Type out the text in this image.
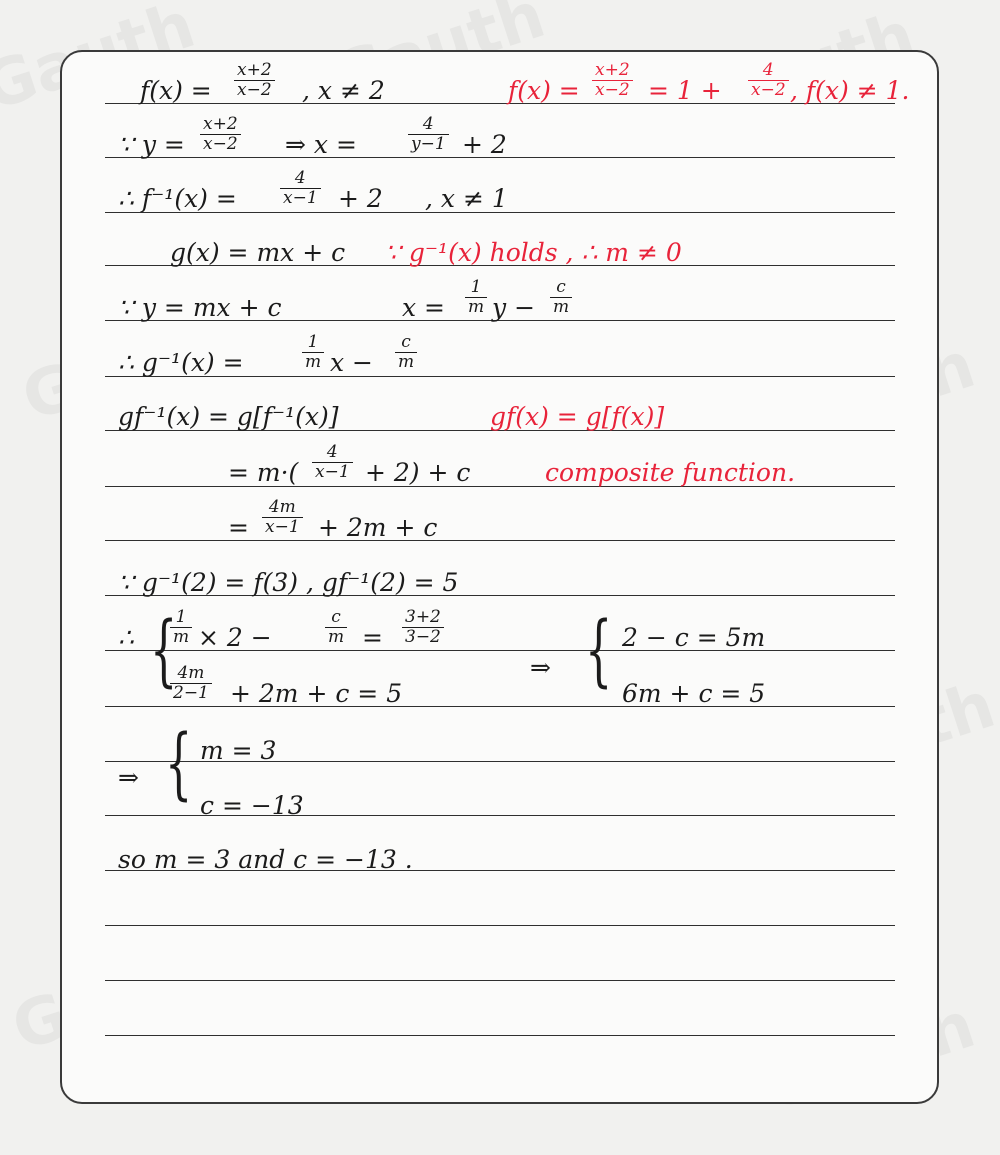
$f(x) = \frac{x+2}{x-2}$ , x ≠ 2	$f(x) = \frac{x+2}{x-2} = 1 + \frac{4}{x-2}$ , f(x) ≠ 1.
∵ $y = \frac{x+2}{x-2}$ ⇒ x =	$\frac{4}{y-1} + 2$
∴ f⁻¹(x) =	$\frac{4}{x-1} + 2$ , x ≠ 1
g(x) = mx + c ∵ g⁻¹(x) holds , ∴ m ≠ 0
∵ y = mx + c	$x = \frac{1}{m}$ $y - \frac{c}{m}$
∴ g⁻¹(x) =	$\frac{1}{m}$ $x - \frac{c}{m}$
gf⁻¹(x) = g[f⁻¹(x)]	gf(x) = g[f(x)]
= $m\cdot( \frac{4}{x-1} + 2) + c$	composite function.
= $\frac{4m}{x-1} + 2m + c$
∵ g⁻¹(2) = f(3) , gf⁻¹(2) = 5
∴ {
$\frac{1}{m} \times 2$ −	$\frac{c}{m} = \frac{3+2}{3-2}$
⇒ { 2 − c = 5m
$\frac{4m}{2-1} + 2m + c = 5$	6m + c = 5
⇒ { m = 3
c = −13
so m = 3 and c = −13 .
